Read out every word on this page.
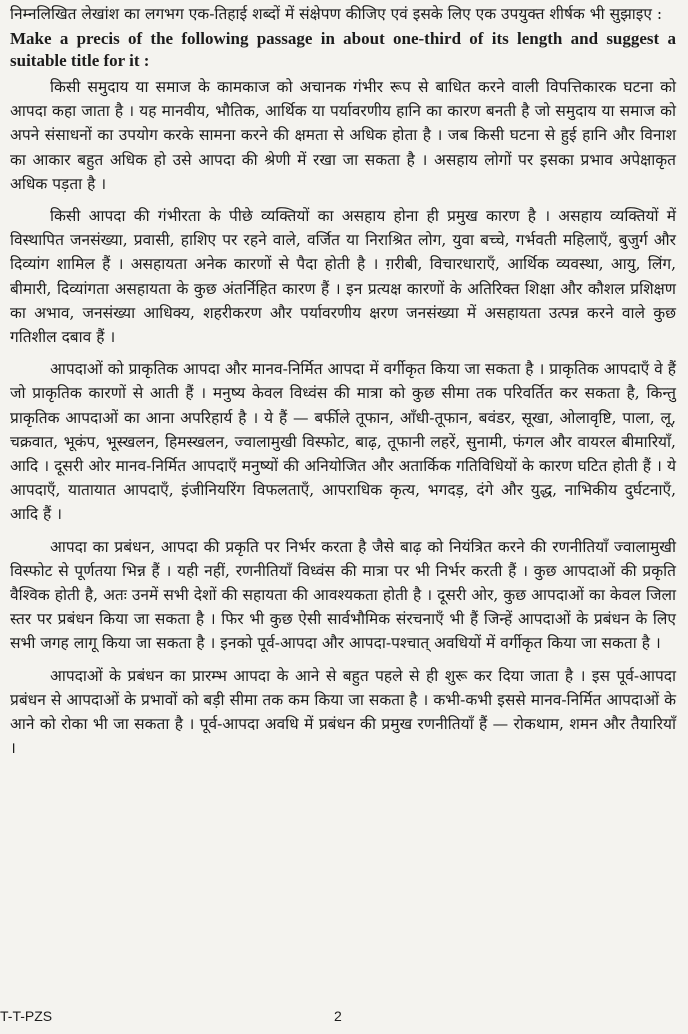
निम्नलिखित लेखांश का लगभग एक-तिहाई शब्दों में संक्षेपण कीजिए एवं इसके लिए एक उपयुक्त शीर्षक भी सुझाइए :

Make a precis of the following passage in about one-third of its length and suggest a suitable title for it :

किसी समुदाय या समाज के कामकाज को अचानक गंभीर रूप से बाधित करने वाली विपत्तिकारक घटना को आपदा कहा जाता है । यह मानवीय, भौतिक, आर्थिक या पर्यावरणीय हानि का कारण बनती है जो समुदाय या समाज को अपने संसाधनों का उपयोग करके सामना करने की क्षमता से अधिक होता है । जब किसी घटना से हुई हानि और विनाश का आकार बहुत अधिक हो उसे आपदा की श्रेणी में रखा जा सकता है । असहाय लोगों पर इसका प्रभाव अपेक्षाकृत अधिक पड़ता है ।

किसी आपदा की गंभीरता के पीछे व्यक्तियों का असहाय होना ही प्रमुख कारण है । असहाय व्यक्तियों में विस्थापित जनसंख्या, प्रवासी, हाशिए पर रहने वाले, वर्जित या निराश्रित लोग, युवा बच्चे, गर्भवती महिलाएँ, बुजुर्ग और दिव्यांग शामिल हैं । असहायता अनेक कारणों से पैदा होती है । ग़रीबी, विचारधाराएँ, आर्थिक व्यवस्था, आयु, लिंग, बीमारी, दिव्यांगता असहायता के कुछ अंतर्निहित कारण हैं । इन प्रत्यक्ष कारणों के अतिरिक्त शिक्षा और कौशल प्रशिक्षण का अभाव, जनसंख्या आधिक्य, शहरीकरण और पर्यावरणीय क्षरण जनसंख्या में असहायता उत्पन्न करने वाले कुछ गतिशील दबाव हैं ।

आपदाओं को प्राकृतिक आपदा और मानव-निर्मित आपदा में वर्गीकृत किया जा सकता है । प्राकृतिक आपदाएँ वे हैं जो प्राकृतिक कारणों से आती हैं । मनुष्य केवल विध्वंस की मात्रा को कुछ सीमा तक परिवर्तित कर सकता है, किन्तु प्राकृतिक आपदाओं का आना अपरिहार्य है । ये हैं — बर्फीले तूफान, आँधी-तूफान, बवंडर, सूखा, ओलावृष्टि, पाला, लू, चक्रवात, भूकंप, भूस्खलन, हिमस्खलन, ज्वालामुखी विस्फोट, बाढ़, तूफानी लहरें, सुनामी, फंगल और वायरल बीमारियाँ, आदि । दूसरी ओर मानव-निर्मित आपदाएँ मनुष्यों की अनियोजित और अतार्किक गतिविधियों के कारण घटित होती हैं । ये आपदाएँ, यातायात आपदाएँ, इंजीनियरिंग विफलताएँ, आपराधिक कृत्य, भगदड़, दंगे और युद्ध, नाभिकीय दुर्घटनाएँ, आदि हैं ।

आपदा का प्रबंधन, आपदा की प्रकृति पर निर्भर करता है जैसे बाढ़ को नियंत्रित करने की रणनीतियाँ ज्वालामुखी विस्फोट से पूर्णतया भिन्न हैं । यही नहीं, रणनीतियाँ विध्वंस की मात्रा पर भी निर्भर करती हैं । कुछ आपदाओं की प्रकृति वैश्विक होती है, अतः उनमें सभी देशों की सहायता की आवश्यकता होती है । दूसरी ओर, कुछ आपदाओं का केवल जिला स्तर पर प्रबंधन किया जा सकता है । फिर भी कुछ ऐसी सार्वभौमिक संरचनाएँ भी हैं जिन्हें आपदाओं के प्रबंधन के लिए सभी जगह लागू किया जा सकता है । इनको पूर्व-आपदा और आपदा-पश्चात् अवधियों में वर्गीकृत किया जा सकता है ।

आपदाओं के प्रबंधन का प्रारम्भ आपदा के आने से बहुत पहले से ही शुरू कर दिया जाता है । इस पूर्व-आपदा प्रबंधन से आपदाओं के प्रभावों को बड़ी सीमा तक कम किया जा सकता है । कभी-कभी इससे मानव-निर्मित आपदाओं के आने को रोका भी जा सकता है । पूर्व-आपदा अवधि में प्रबंधन की प्रमुख रणनीतियाँ हैं — रोकथाम, शमन और तैयारियाँ ।

T-T-PZS	2
